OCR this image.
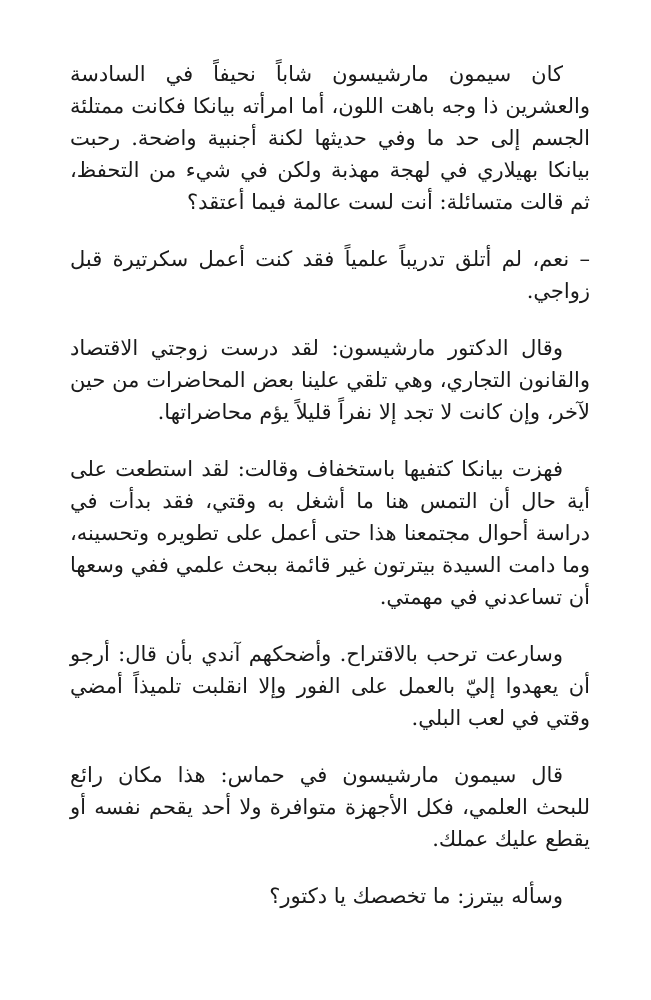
كان سيمون مارشيسون شاباً نحيفاً في السادسة والعشرين ذا وجه باهت اللون، أما امرأته بيانكا فكانت ممتلئة الجسم إلى حد ما وفي حديثها لكنة أجنبية واضحة. رحبت بيانكا بهيلاري في لهجة مهذبة ولكن في شيء من التحفظ، ثم قالت متسائلة: أنت لست عالمة فيما أعتقد؟

– نعم، لم أتلق تدريباً علمياً فقد كنت أعمل سكرتيرة قبل زواجي.

وقال الدكتور مارشيسون: لقد درست زوجتي الاقتصاد والقانون التجاري، وهي تلقي علينا بعض المحاضرات من حين لآخر، وإن كانت لا تجد إلا نفراً قليلاً يؤم محاضراتها.

فهزت بيانكا كتفيها باستخفاف وقالت: لقد استطعت على أية حال أن التمس هنا ما أشغل به وقتي، فقد بدأت في دراسة أحوال مجتمعنا هذا حتى أعمل على تطويره وتحسينه، وما دامت السيدة بيترتون غير قائمة ببحث علمي ففي وسعها أن تساعدني في مهمتي.

وسارعت ترحب بالاقتراح. وأضحكهم آندي بأن قال: أرجو أن يعهدوا إليّ بالعمل على الفور وإلا انقلبت تلميذاً أمضي وقتي في لعب البلي.

قال سيمون مارشيسون في حماس: هذا مكان رائع للبحث العلمي، فكل الأجهزة متوافرة ولا أحد يقحم نفسه أو يقطع عليك عملك.

وسأله بيترز: ما تخصصك يا دكتور؟
